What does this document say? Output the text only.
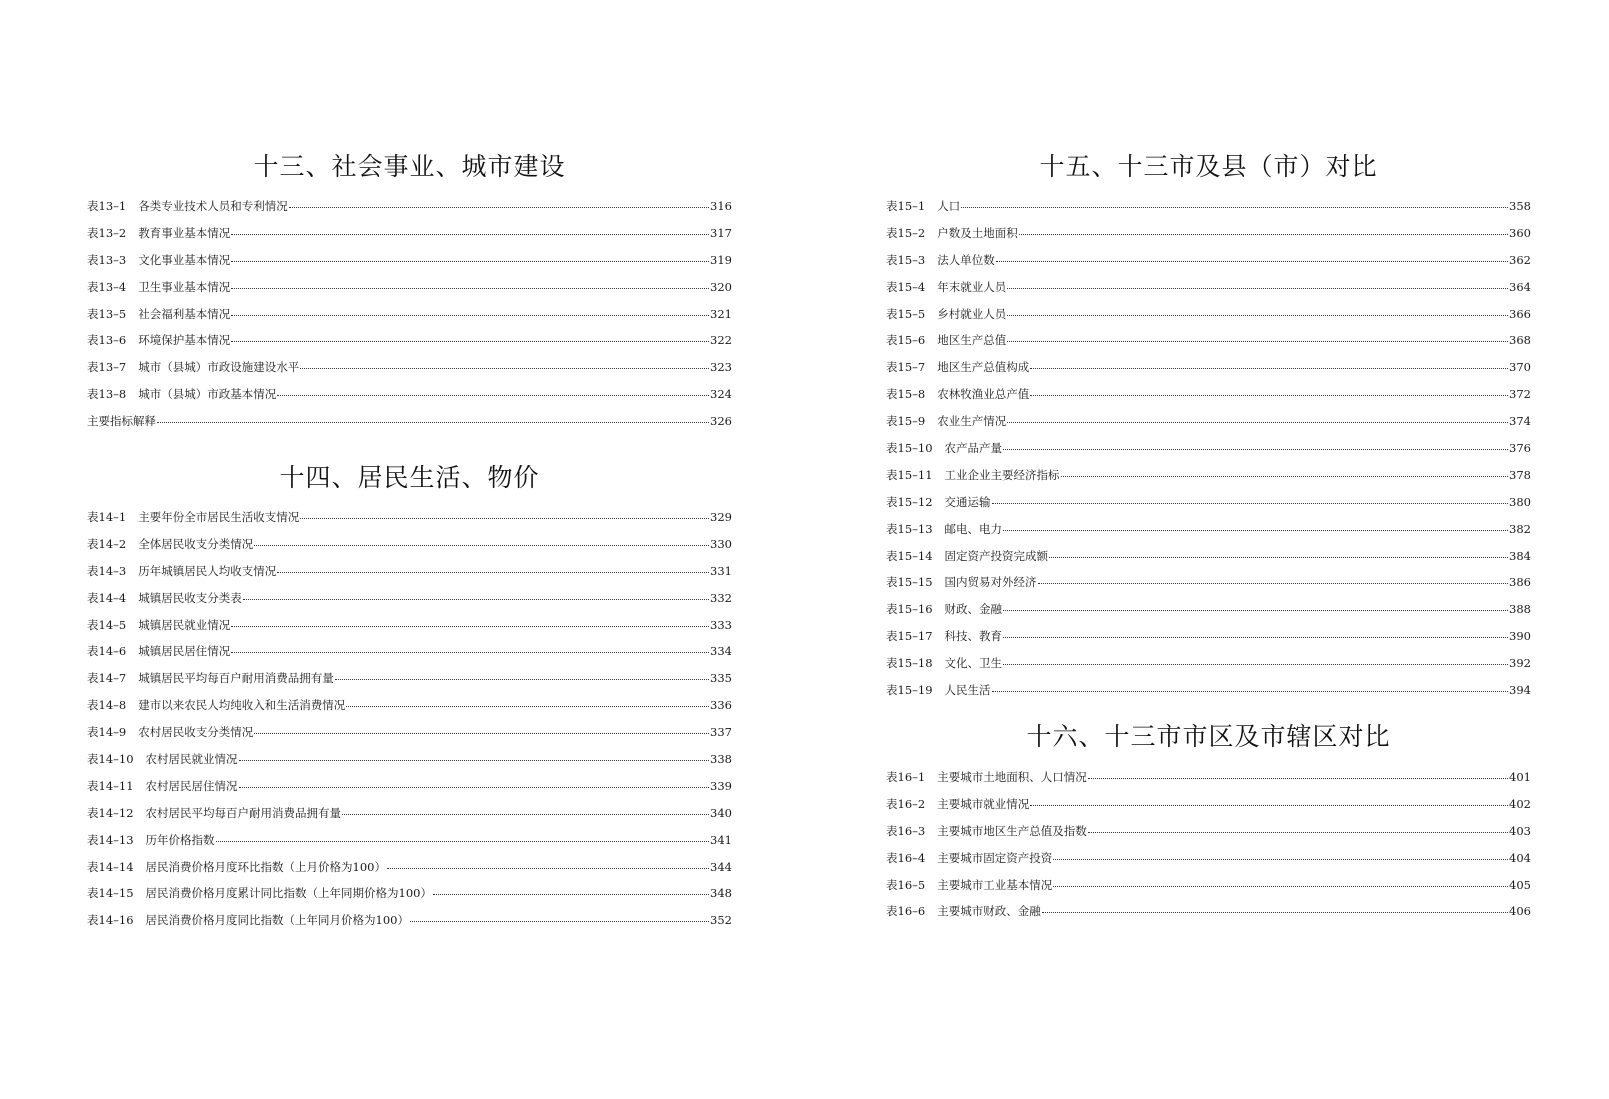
十三、社会事业、城市建设
表13–1 各类专业技术人员和专利情况	316
表13–2 教育事业基本情况	317
表13–3 文化事业基本情况	319
表13–4 卫生事业基本情况	320
表13–5 社会福利基本情况	321
表13–6 环境保护基本情况	322
表13–7 城市（县城）市政设施建设水平	323
表13–8 城市（县城）市政基本情况	324
主要指标解释	326
十四、居民生活、物价
表14–1 主要年份全市居民生活收支情况	329
表14–2 全体居民收支分类情况	330
表14–3 历年城镇居民人均收支情况	331
表14–4 城镇居民收支分类表	332
表14–5 城镇居民就业情况	333
表14–6 城镇居民居住情况	334
表14–7 城镇居民平均每百户耐用消费品拥有量	335
表14–8 建市以来农民人均纯收入和生活消费情况	336
表14–9 农村居民收支分类情况	337
表14–10 农村居民就业情况	338
表14–11 农村居民居住情况	339
表14–12 农村居民平均每百户耐用消费品拥有量	340
表14–13 历年价格指数	341
表14–14 居民消费价格月度环比指数（上月价格为100）	344
表14–15 居民消费价格月度累计同比指数（上年同期价格为100）	348
表14–16 居民消费价格月度同比指数（上年同月价格为100）	352
十五、十三市及县（市）对比
表15–1 人口	358
表15–2 户数及土地面积	360
表15–3 法人单位数	362
表15–4 年末就业人员	364
表15–5 乡村就业人员	366
表15–6 地区生产总值	368
表15–7 地区生产总值构成	370
表15–8 农林牧渔业总产值	372
表15–9 农业生产情况	374
表15–10 农产品产量	376
表15–11 工业企业主要经济指标	378
表15–12 交通运输	380
表15–13 邮电、电力	382
表15–14 固定资产投资完成额	384
表15–15 国内贸易对外经济	386
表15–16 财政、金融	388
表15–17 科技、教育	390
表15–18 文化、卫生	392
表15–19 人民生活	394
十六、十三市市区及市辖区对比
表16–1 主要城市土地面积、人口情况	401
表16–2 主要城市就业情况	402
表16–3 主要城市地区生产总值及指数	403
表16–4 主要城市固定资产投资	404
表16–5 主要城市工业基本情况	405
表16–6 主要城市财政、金融	406
